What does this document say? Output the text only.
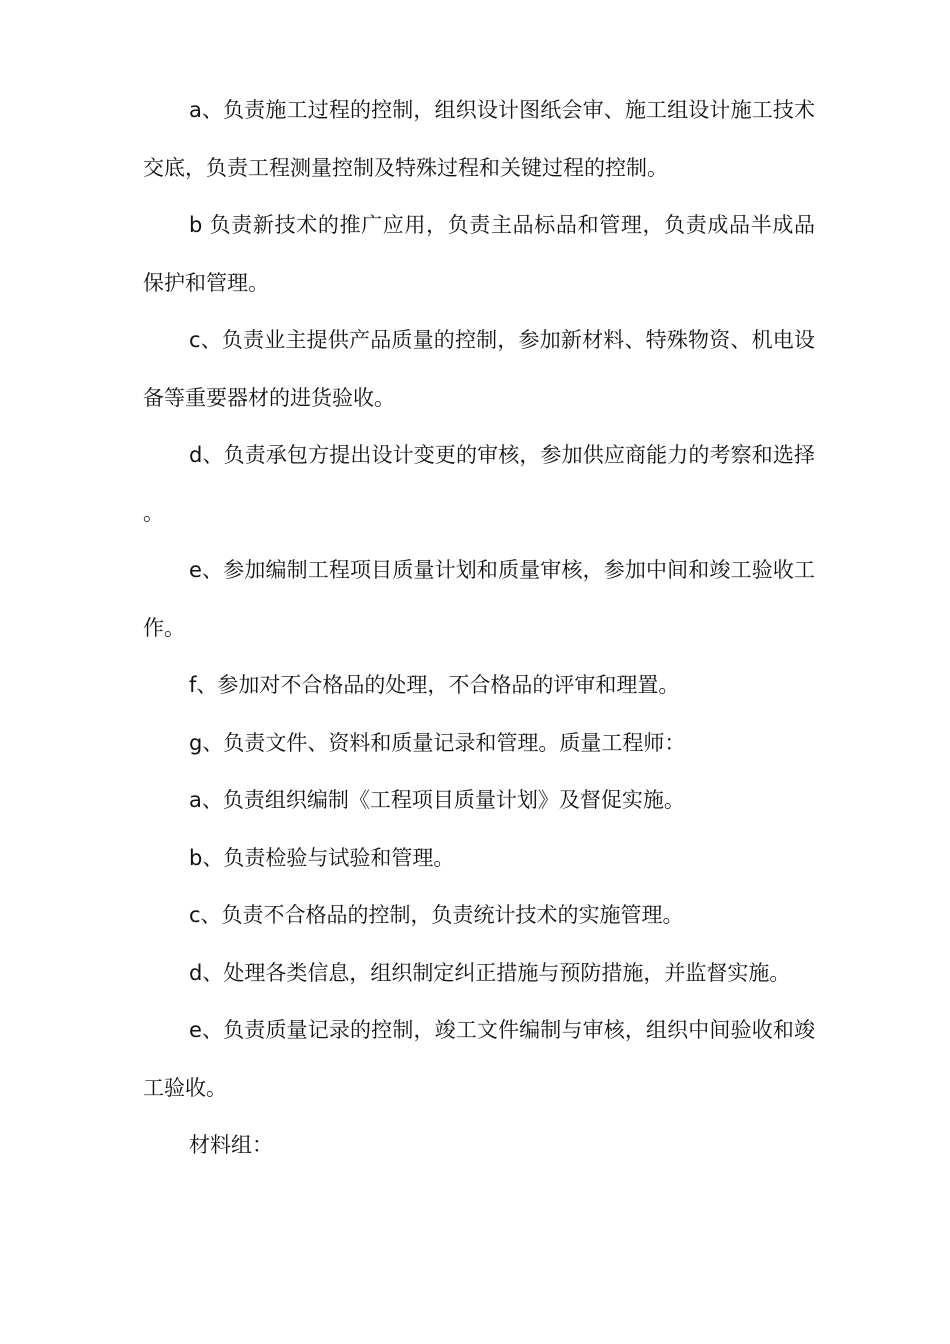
a、负责施工过程的控制，组织设计图纸会审、施工组设计施工技术交底，负责工程测量控制及特殊过程和关键过程的控制。

b 负责新技术的推广应用，负责主品标品和管理，负责成品半成品保护和管理。

c、负责业主提供产品质量的控制，参加新材料、特殊物资、机电设备等重要器材的进货验收。

d、负责承包方提出设计变更的审核，参加供应商能力的考察和选择。

e、参加编制工程项目质量计划和质量审核，参加中间和竣工验收工作。

f、参加对不合格品的处理，不合格品的评审和理置。

g、负责文件、资料和质量记录和管理。质量工程师：

a、负责组织编制《工程项目质量计划》及督促实施。

b、负责检验与试验和管理。

c、负责不合格品的控制，负责统计技术的实施管理。

d、处理各类信息，组织制定纠正措施与预防措施，并监督实施。

e、负责质量记录的控制，竣工文件编制与审核，组织中间验收和竣工验收。

材料组：
